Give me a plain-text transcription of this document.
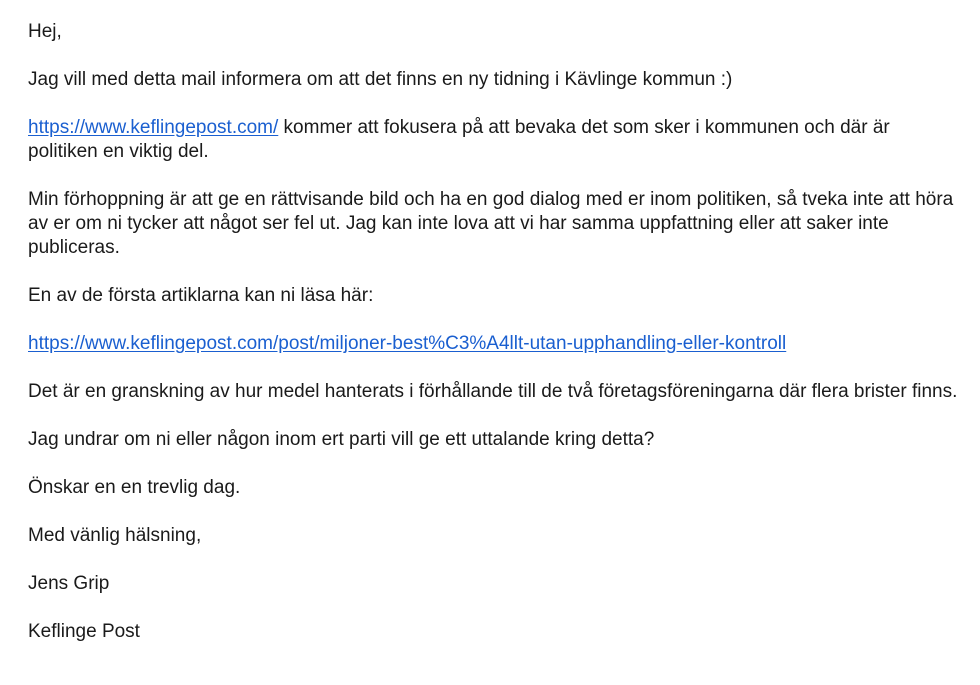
Hej,

Jag vill med detta mail informera om att det finns en ny tidning i Kävlinge kommun :)

https://www.keflingepost.com/ kommer att fokusera på att bevaka det som sker i kommunen och där är politiken en viktig del.

Min förhoppning är att ge en rättvisande bild och ha en god dialog med er inom politiken, så tveka inte att höra av er om ni tycker att något ser fel ut. Jag kan inte lova att vi har samma uppfattning eller att saker inte publiceras.

En av de första artiklarna kan ni läsa här:

https://www.keflingepost.com/post/miljoner-best%C3%A4llt-utan-upphandling-eller-kontroll

Det är en granskning av hur medel hanterats i förhållande till de två företagsföreningarna där flera brister finns.

Jag undrar om ni eller någon inom ert parti vill ge ett uttalande kring detta?

Önskar en en trevlig dag.

Med vänlig hälsning,

Jens Grip

Keflinge Post
